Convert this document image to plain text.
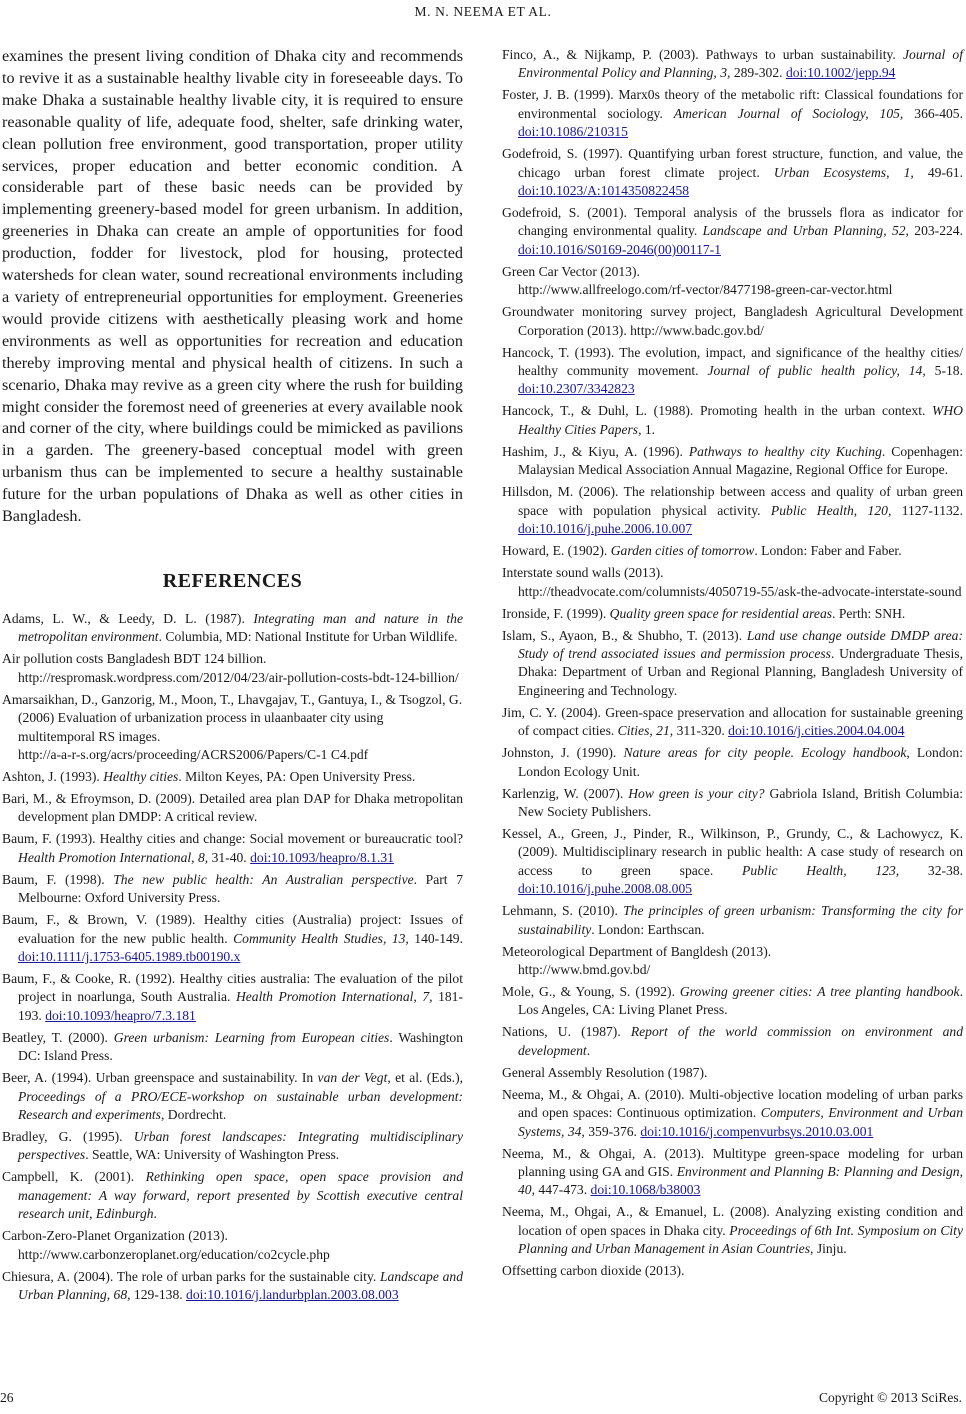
M. N. NEEMA ET AL.

examines the present living condition of Dhaka city and recommends to revive it as a sustainable healthy livable city in foreseeable days. To make Dhaka a sustainable healthy livable city, it is required to ensure reasonable quality of life, adequate food, shelter, safe drinking water, clean pollution free environment, good transportation, proper utility services, proper education and better economic condition. A considerable part of these basic needs can be provided by implementing greenery-based model for green urbanism. In addition, greeneries in Dhaka can create an ample of opportunities for food production, fodder for livestock, plod for housing, protected watersheds for clean water, sound recreational environments including a variety of entrepreneurial opportunities for employment. Greeneries would provide citizens with aesthetically pleasing work and home environments as well as opportunities for recreation and education thereby improving mental and physical health of citizens. In such a scenario, Dhaka may revive as a green city where the rush for building might consider the foremost need of greeneries at every available nook and corner of the city, where buildings could be mimicked as pavilions in a garden. The greenery-based conceptual model with green urbanism thus can be implemented to secure a healthy sustainable future for the urban populations of Dhaka as well as other cities in Bangladesh.

REFERENCES

Adams, L. W., & Leedy, D. L. (1987). Integrating man and nature in the metropolitan environment. Columbia, MD: National Institute for Urban Wildlife.

Air pollution costs Bangladesh BDT 124 billion.
http://respromask.wordpress.com/2012/04/23/air-pollution-costs-bdt-124-billion/

Amarsaikhan, D., Ganzorig, M., Moon, T., Lhavgajav, T., Gantuya, I., & Tsogzol, G. (2006) Evaluation of urbanization process in ulaanbaater city using multitemporal RS images.
http://a-a-r-s.org/acrs/proceeding/ACRS2006/Papers/C-1 C4.pdf

Ashton, J. (1993). Healthy cities. Milton Keyes, PA: Open University Press.

Bari, M., & Efroymson, D. (2009). Detailed area plan DAP for Dhaka metropolitan development plan DMDP: A critical review.

Baum, F. (1993). Healthy cities and change: Social movement or bureaucratic tool? Health Promotion International, 8, 31-40. doi:10.1093/heapro/8.1.31

Baum, F. (1998). The new public health: An Australian perspective. Part 7 Melbourne: Oxford University Press.

Baum, F., & Brown, V. (1989). Healthy cities (Australia) project: Issues of evaluation for the new public health. Community Health Studies, 13, 140-149. doi:10.1111/j.1753-6405.1989.tb00190.x

Baum, F., & Cooke, R. (1992). Healthy cities australia: The evaluation of the pilot project in noarlunga, South Australia. Health Promotion International, 7, 181-193. doi:10.1093/heapro/7.3.181

Beatley, T. (2000). Green urbanism: Learning from European cities. Washington DC: Island Press.

Beer, A. (1994). Urban greenspace and sustainability. In van der Vegt, et al. (Eds.), Proceedings of a PRO/ECE-workshop on sustainable urban development: Research and experiments, Dordrecht.

Bradley, G. (1995). Urban forest landscapes: Integrating multidisciplinary perspectives. Seattle, WA: University of Washington Press.

Campbell, K. (2001). Rethinking open space, open space provision and management: A way forward, report presented by Scottish executive central research unit, Edinburgh.

Carbon-Zero-Planet Organization (2013).
http://www.carbonzeroplanet.org/education/co2cycle.php

Chiesura, A. (2004). The role of urban parks for the sustainable city. Landscape and Urban Planning, 68, 129-138. doi:10.1016/j.landurbplan.2003.08.003

Finco, A., & Nijkamp, P. (2003). Pathways to urban sustainability. Journal of Environmental Policy and Planning, 3, 289-302. doi:10.1002/jepp.94

Foster, J. B. (1999). Marx0s theory of the metabolic rift: Classical foundations for environmental sociology. American Journal of Sociology, 105, 366-405. doi:10.1086/210315

Godefroid, S. (1997). Quantifying urban forest structure, function, and value, the chicago urban forest climate project. Urban Ecosystems, 1, 49-61. doi:10.1023/A:1014350822458

Godefroid, S. (2001). Temporal analysis of the brussels flora as indicator for changing environmental quality. Landscape and Urban Planning, 52, 203-224. doi:10.1016/S0169-2046(00)00117-1

Green Car Vector (2013).
http://www.allfreelogo.com/rf-vector/8477198-green-car-vector.html

Groundwater monitoring survey project, Bangladesh Agricultural Development Corporation (2013). http://www.badc.gov.bd/

Hancock, T. (1993). The evolution, impact, and significance of the healthy cities/ healthy community movement. Journal of public health policy, 14, 5-18. doi:10.2307/3342823

Hancock, T., & Duhl, L. (1988). Promoting health in the urban context. WHO Healthy Cities Papers, 1.

Hashim, J., & Kiyu, A. (1996). Pathways to healthy city Kuching. Copenhagen: Malaysian Medical Association Annual Magazine, Regional Office for Europe.

Hillsdon, M. (2006). The relationship between access and quality of urban green space with population physical activity. Public Health, 120, 1127-1132. doi:10.1016/j.puhe.2006.10.007

Howard, E. (1902). Garden cities of tomorrow. London: Faber and Faber.

Interstate sound walls (2013).
http://theadvocate.com/columnists/4050719-55/ask-the-advocate-interstate-sound

Ironside, F. (1999). Quality green space for residential areas. Perth: SNH.

Islam, S., Ayaon, B., & Shubho, T. (2013). Land use change outside DMDP area: Study of trend associated issues and permission process. Undergraduate Thesis, Dhaka: Department of Urban and Regional Planning, Bangladesh University of Engineering and Technology.

Jim, C. Y. (2004). Green-space preservation and allocation for sustainable greening of compact cities. Cities, 21, 311-320. doi:10.1016/j.cities.2004.04.004

Johnston, J. (1990). Nature areas for city people. Ecology handbook, London: London Ecology Unit.

Karlenzig, W. (2007). How green is your city? Gabriola Island, British Columbia: New Society Publishers.

Kessel, A., Green, J., Pinder, R., Wilkinson, P., Grundy, C., & Lachowycz, K. (2009). Multidisciplinary research in public health: A case study of research on access to green space. Public Health, 123, 32-38. doi:10.1016/j.puhe.2008.08.005

Lehmann, S. (2010). The principles of green urbanism: Transforming the city for sustainability. London: Earthscan.

Meteorological Department of Bangldesh (2013).
http://www.bmd.gov.bd/

Mole, G., & Young, S. (1992). Growing greener cities: A tree planting handbook. Los Angeles, CA: Living Planet Press.

Nations, U. (1987). Report of the world commission on environment and development.

General Assembly Resolution (1987).

Neema, M., & Ohgai, A. (2010). Multi-objective location modeling of urban parks and open spaces: Continuous optimization. Computers, Environment and Urban Systems, 34, 359-376. doi:10.1016/j.compenvurbsys.2010.03.001

Neema, M., & Ohgai, A. (2013). Multitype green-space modeling for urban planning using GA and GIS. Environment and Planning B: Planning and Design, 40, 447-473. doi:10.1068/b38003

Neema, M., Ohgai, A., & Emanuel, L. (2008). Analyzing existing condition and location of open spaces in Dhaka city. Proceedings of 6th Int. Symposium on City Planning and Urban Management in Asian Countries, Jinju.

Offsetting carbon dioxide (2013).

26	Copyright © 2013 SciRes.
